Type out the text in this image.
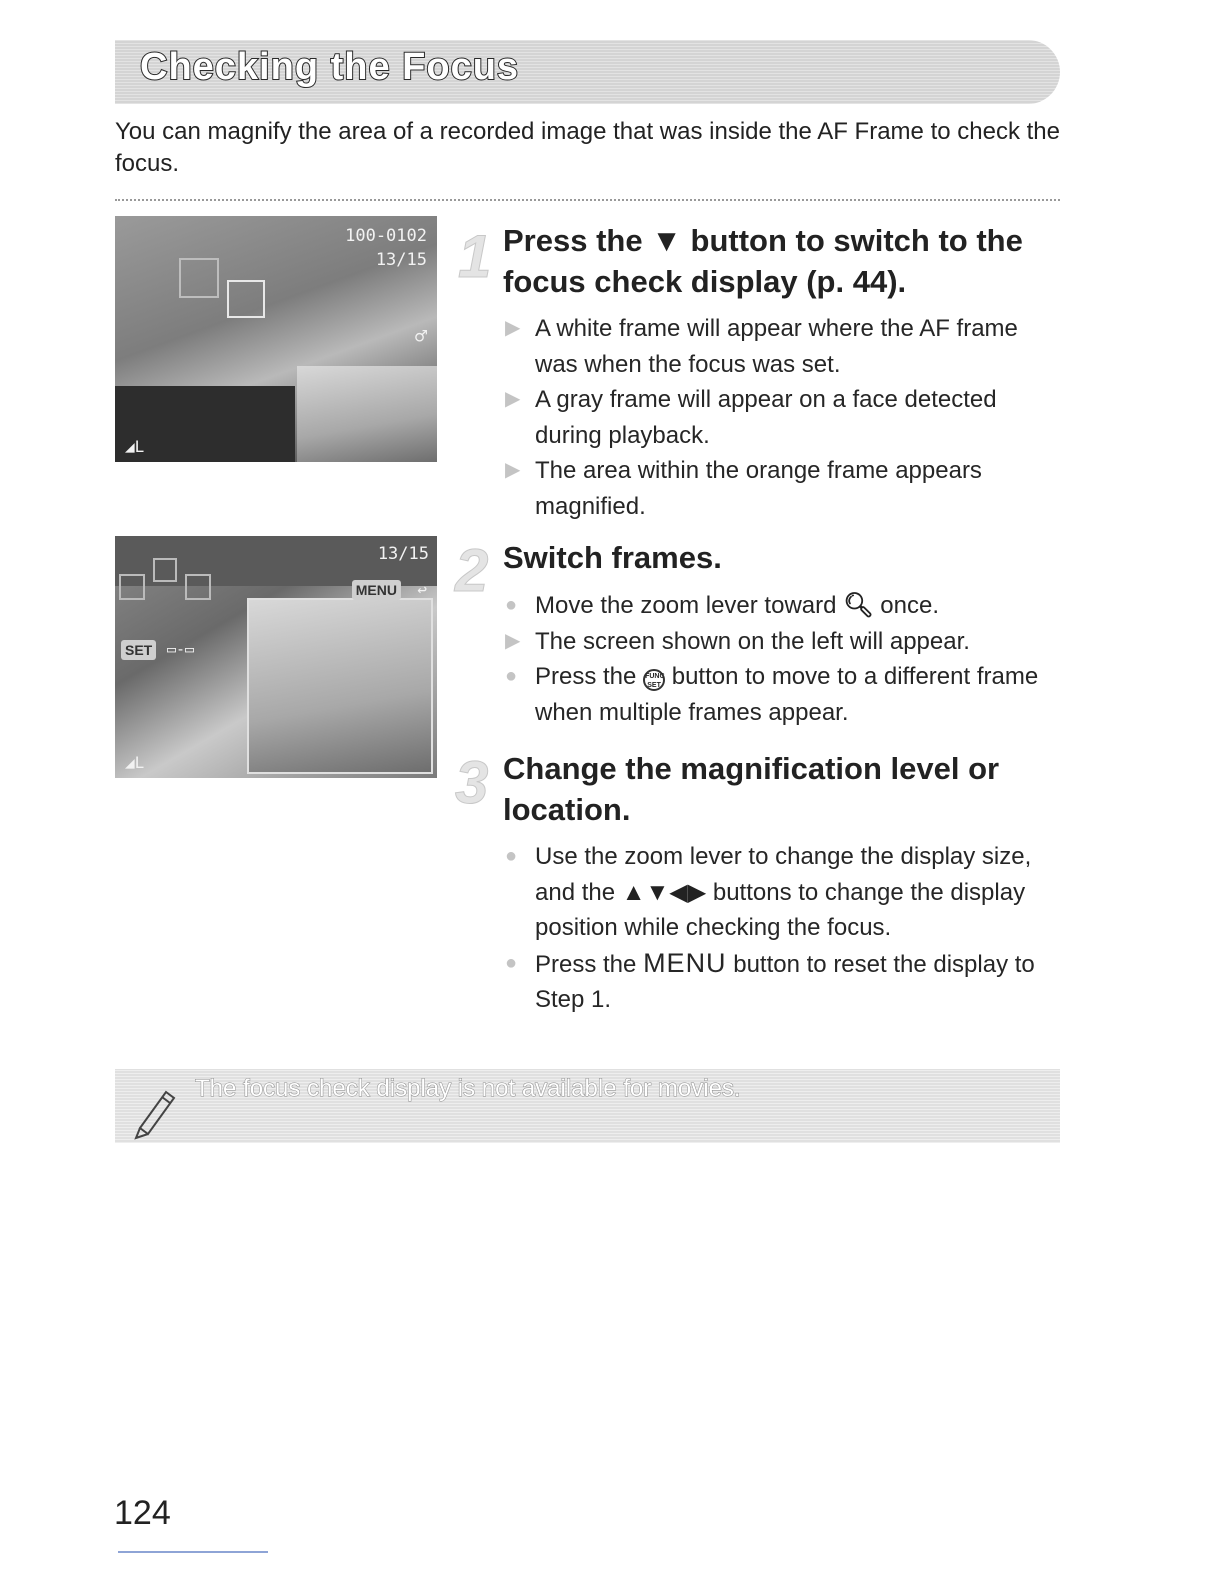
Checking the Focus
You can magnify the area of a recorded image that was inside the AF Frame to check the focus.
100-0102
13/15
♂
◢L
13/15
MENU ↩
SET ▭-▭
◢L
1 Press the ▼ button to switch to the focus check display (p. 44).
▶ A white frame will appear where the AF frame was when the focus was set.
▶ A gray frame will appear on a face detected during playback.
▶ The area within the orange frame appears magnified.
2 Switch frames.
● Move the zoom lever toward 🔍︎ once.
▶ The screen shown on the left will appear.
● Press the FUNC
SET button to move to a different frame when multiple frames appear.
3 Change the magnification level or location.
● Use the zoom lever to change the display size, and the ▲▼◀▶ buttons to change the display position while checking the focus.
● Press the MENU button to reset the display to Step 1.
The focus check display is not available for movies.
124
